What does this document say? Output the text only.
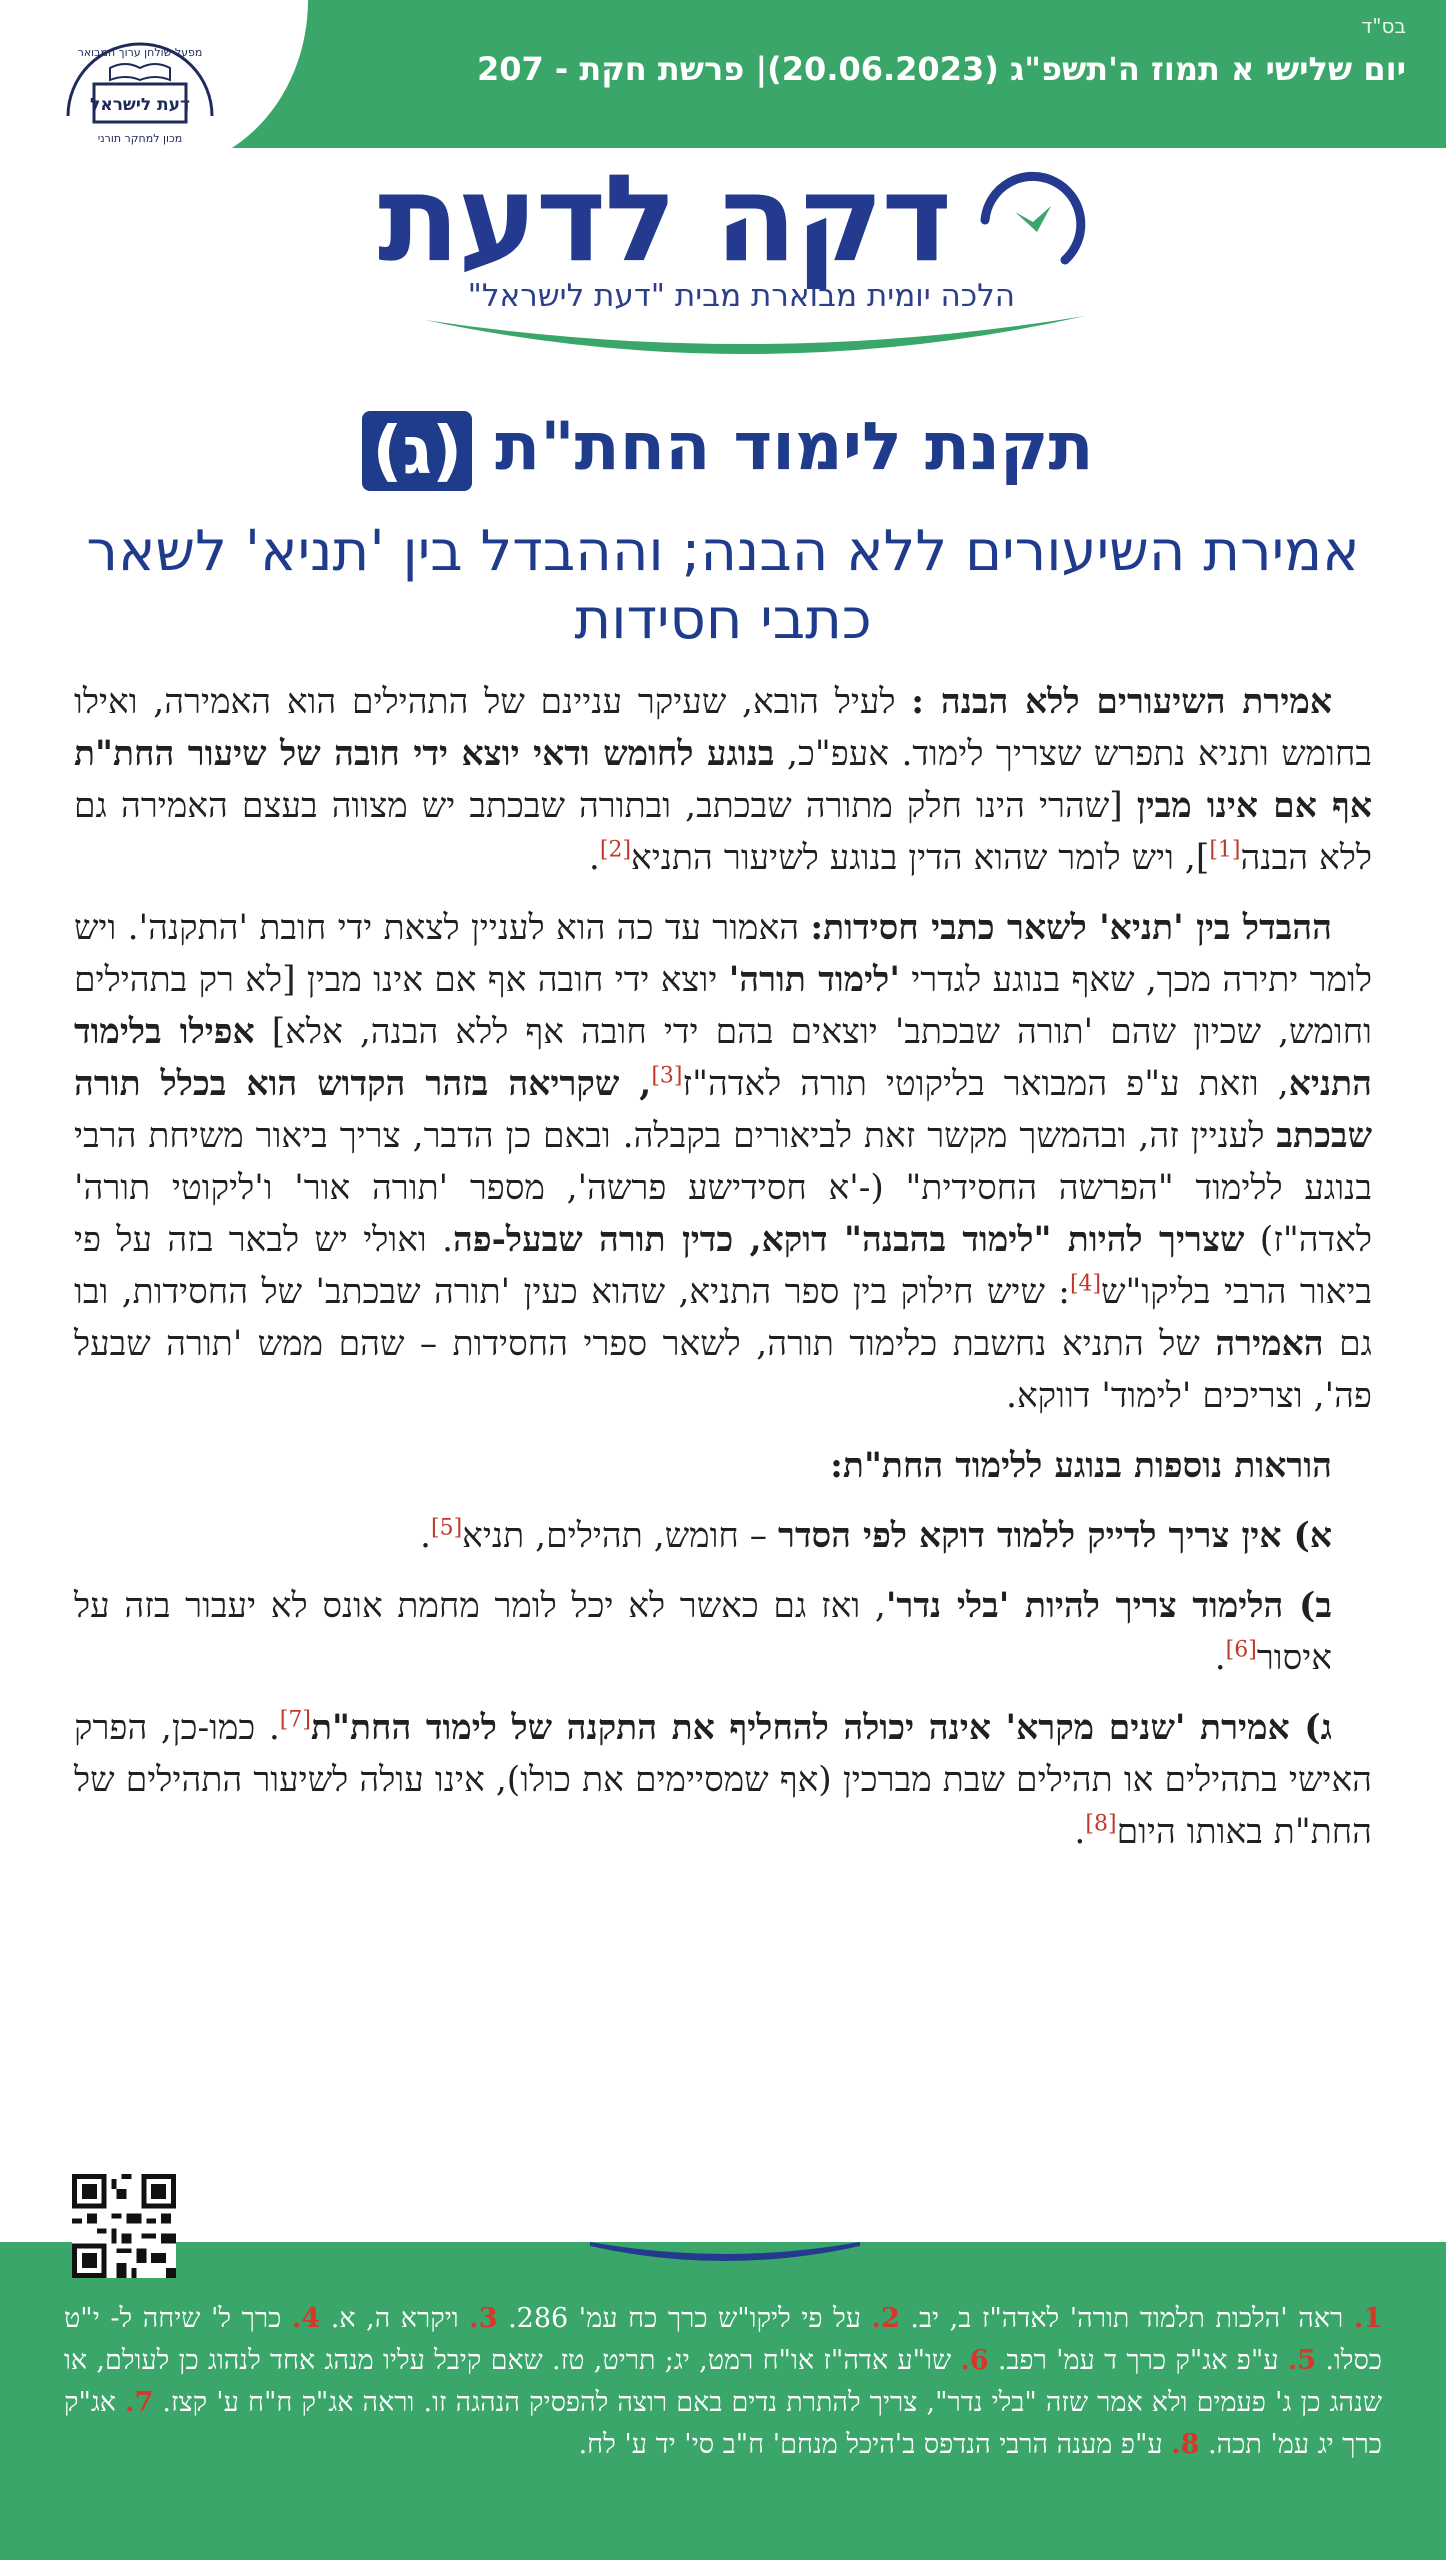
בס"ד
יום שלישי א תמוז ה'תשפ"ג (20.06.2023)| פרשת חקת - 207
מפעל שולחן ערוך המבואר
דעת לישראל
מכון למחקר תורני
דקה לדעת
הלכה יומית מבוארת מבית "דעת לישראל"
תקנת לימוד החת"ת (ג)
אמירת השיעורים ללא הבנה; וההבדל בין 'תניא' לשאר כתבי חסידות

אמירת השיעורים ללא הבנה : לעיל הובא, שעיקר עניינם של התהילים הוא האמירה, ואילו בחומש ותניא נתפרש שצריך לימוד. אעפ"כ, בנוגע לחומש ודאי יוצא ידי חובה של שיעור החת"ת אף אם אינו מבין [שהרי הינו חלק מתורה שבכתב, ובתורה שבכתב יש מצווה בעצם האמירה גם ללא הבנה[1]], ויש לומר שהוא הדין בנוגע לשיעור התניא[2].

ההבדל בין 'תניא' לשאר כתבי חסידות: האמור עד כה הוא לעניין לצאת ידי חובת 'התקנה'. ויש לומר יתירה מכך, שאף בנוגע לגדרי 'לימוד תורה' יוצא ידי חובה אף אם אינו מבין [לא רק בתהילים וחומש, שכיון שהם 'תורה שבכתב' יוצאים בהם ידי חובה אף ללא הבנה, אלא] אפילו בלימוד התניא, וזאת ע"פ המבואר בליקוטי תורה לאדה"ז[3], שקריאה בזהר הקדוש הוא בכלל תורה שבכתב לעניין זה, ובהמשך מקשר זאת לביאורים בקבלה. ובאם כן הדבר, צריך ביאור משיחת הרבי בנוגע ללימוד "הפרשה החסידית" (-'א חסידישע פרשה', מספר 'תורה אור' ו'ליקוטי תורה' לאדה"ז) שצריך להיות "לימוד בהבנה" דוקא, כדין תורה שבעל-פה. ואולי יש לבאר בזה על פי ביאור הרבי בליקו"ש[4]: שיש חילוק בין ספר התניא, שהוא כעין 'תורה שבכתב' של החסידות, ובו גם האמירה של התניא נחשבת כלימוד תורה, לשאר ספרי החסידות – שהם ממש 'תורה שבעל פה', וצריכים 'לימוד' דווקא.

הוראות נוספות בנוגע ללימוד החת"ת:

א) אין צריך לדייק ללמוד דוקא לפי הסדר – חומש, תהילים, תניא[5].

ב) הלימוד צריך להיות 'בלי נדר', ואז גם כאשר לא יכל לומר מחמת אונס לא יעבור בזה על איסור[6].

ג) אמירת 'שנים מקרא' אינה יכולה להחליף את התקנה של לימוד החת"ת[7]. כמו-כן, הפרק האישי בתהילים או תהילים שבת מברכין (אף שמסיימים את כולו), אינו עולה לשיעור התהילים של החת"ת באותו היום[8].

1. ראה 'הלכות תלמוד תורה' לאדה"ז ב, יב. 2. על פי ליקו"ש כרך כח עמ' 286. 3. ויקרא ה, א. 4. כרך ל' שיחה ל- י"ט כסלו. 5. ע"פ אג"ק כרך ד עמ' רפב. 6. שו"ע אדה"ז או"ח רמט, יג; תריט, טז. שאם קיבל עליו מנהג אחד לנהוג כן לעולם, או שנהג כן ג' פעמים ולא אמר שזה "בלי נדר", צריך להתרת נדים באם רוצה להפסיק הנהגה זו. וראה אג"ק ח"ח ע' קצז. 7. אג"ק כרך יג עמ' תכה. 8. ע"פ מענה הרבי הנדפס ב'היכל מנחם' ח"ב סי' יד ע' לח.
